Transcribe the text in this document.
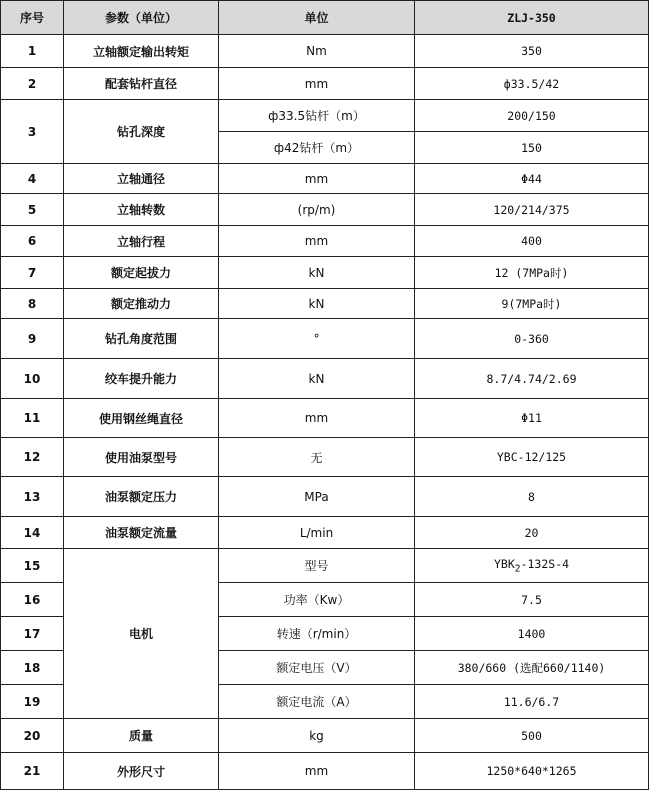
序号	参数（单位）	单位	ZLJ-350
1	立轴额定输出转矩	Nm	350
2	配套钻杆直径	mm	ф33.5/42
3	钻孔深度	ф33.5钻杆（m）	200/150
		ф42钻杆（m）	150
4	立轴通径	mm	Φ44
5	立轴转数	(rp/m)	120/214/375
6	立轴行程	mm	400
7	额定起拔力	kN	12 (7MPa时)
8	额定推动力	kN	9(7MPa时)
9	钻孔角度范围	°	0-360
10	绞车提升能力	kN	8.7/4.74/2.69
11	使用钢丝绳直径	mm	Φ11
12	使用油泵型号	无	YBC-12/125
13	油泵额定压力	MPa	8
14	油泵额定流量	L/min	20
15	电机	型号	$YBK_2-132S-4$
16		功率（Kw）	7.5
17		转速（r/min）	1400
18		额定电压（V）	380/660 (选配660/1140)
19		额定电流（A）	11.6/6.7
20	质量	kg	500
21	外形尺寸	mm	1250*640*1265
